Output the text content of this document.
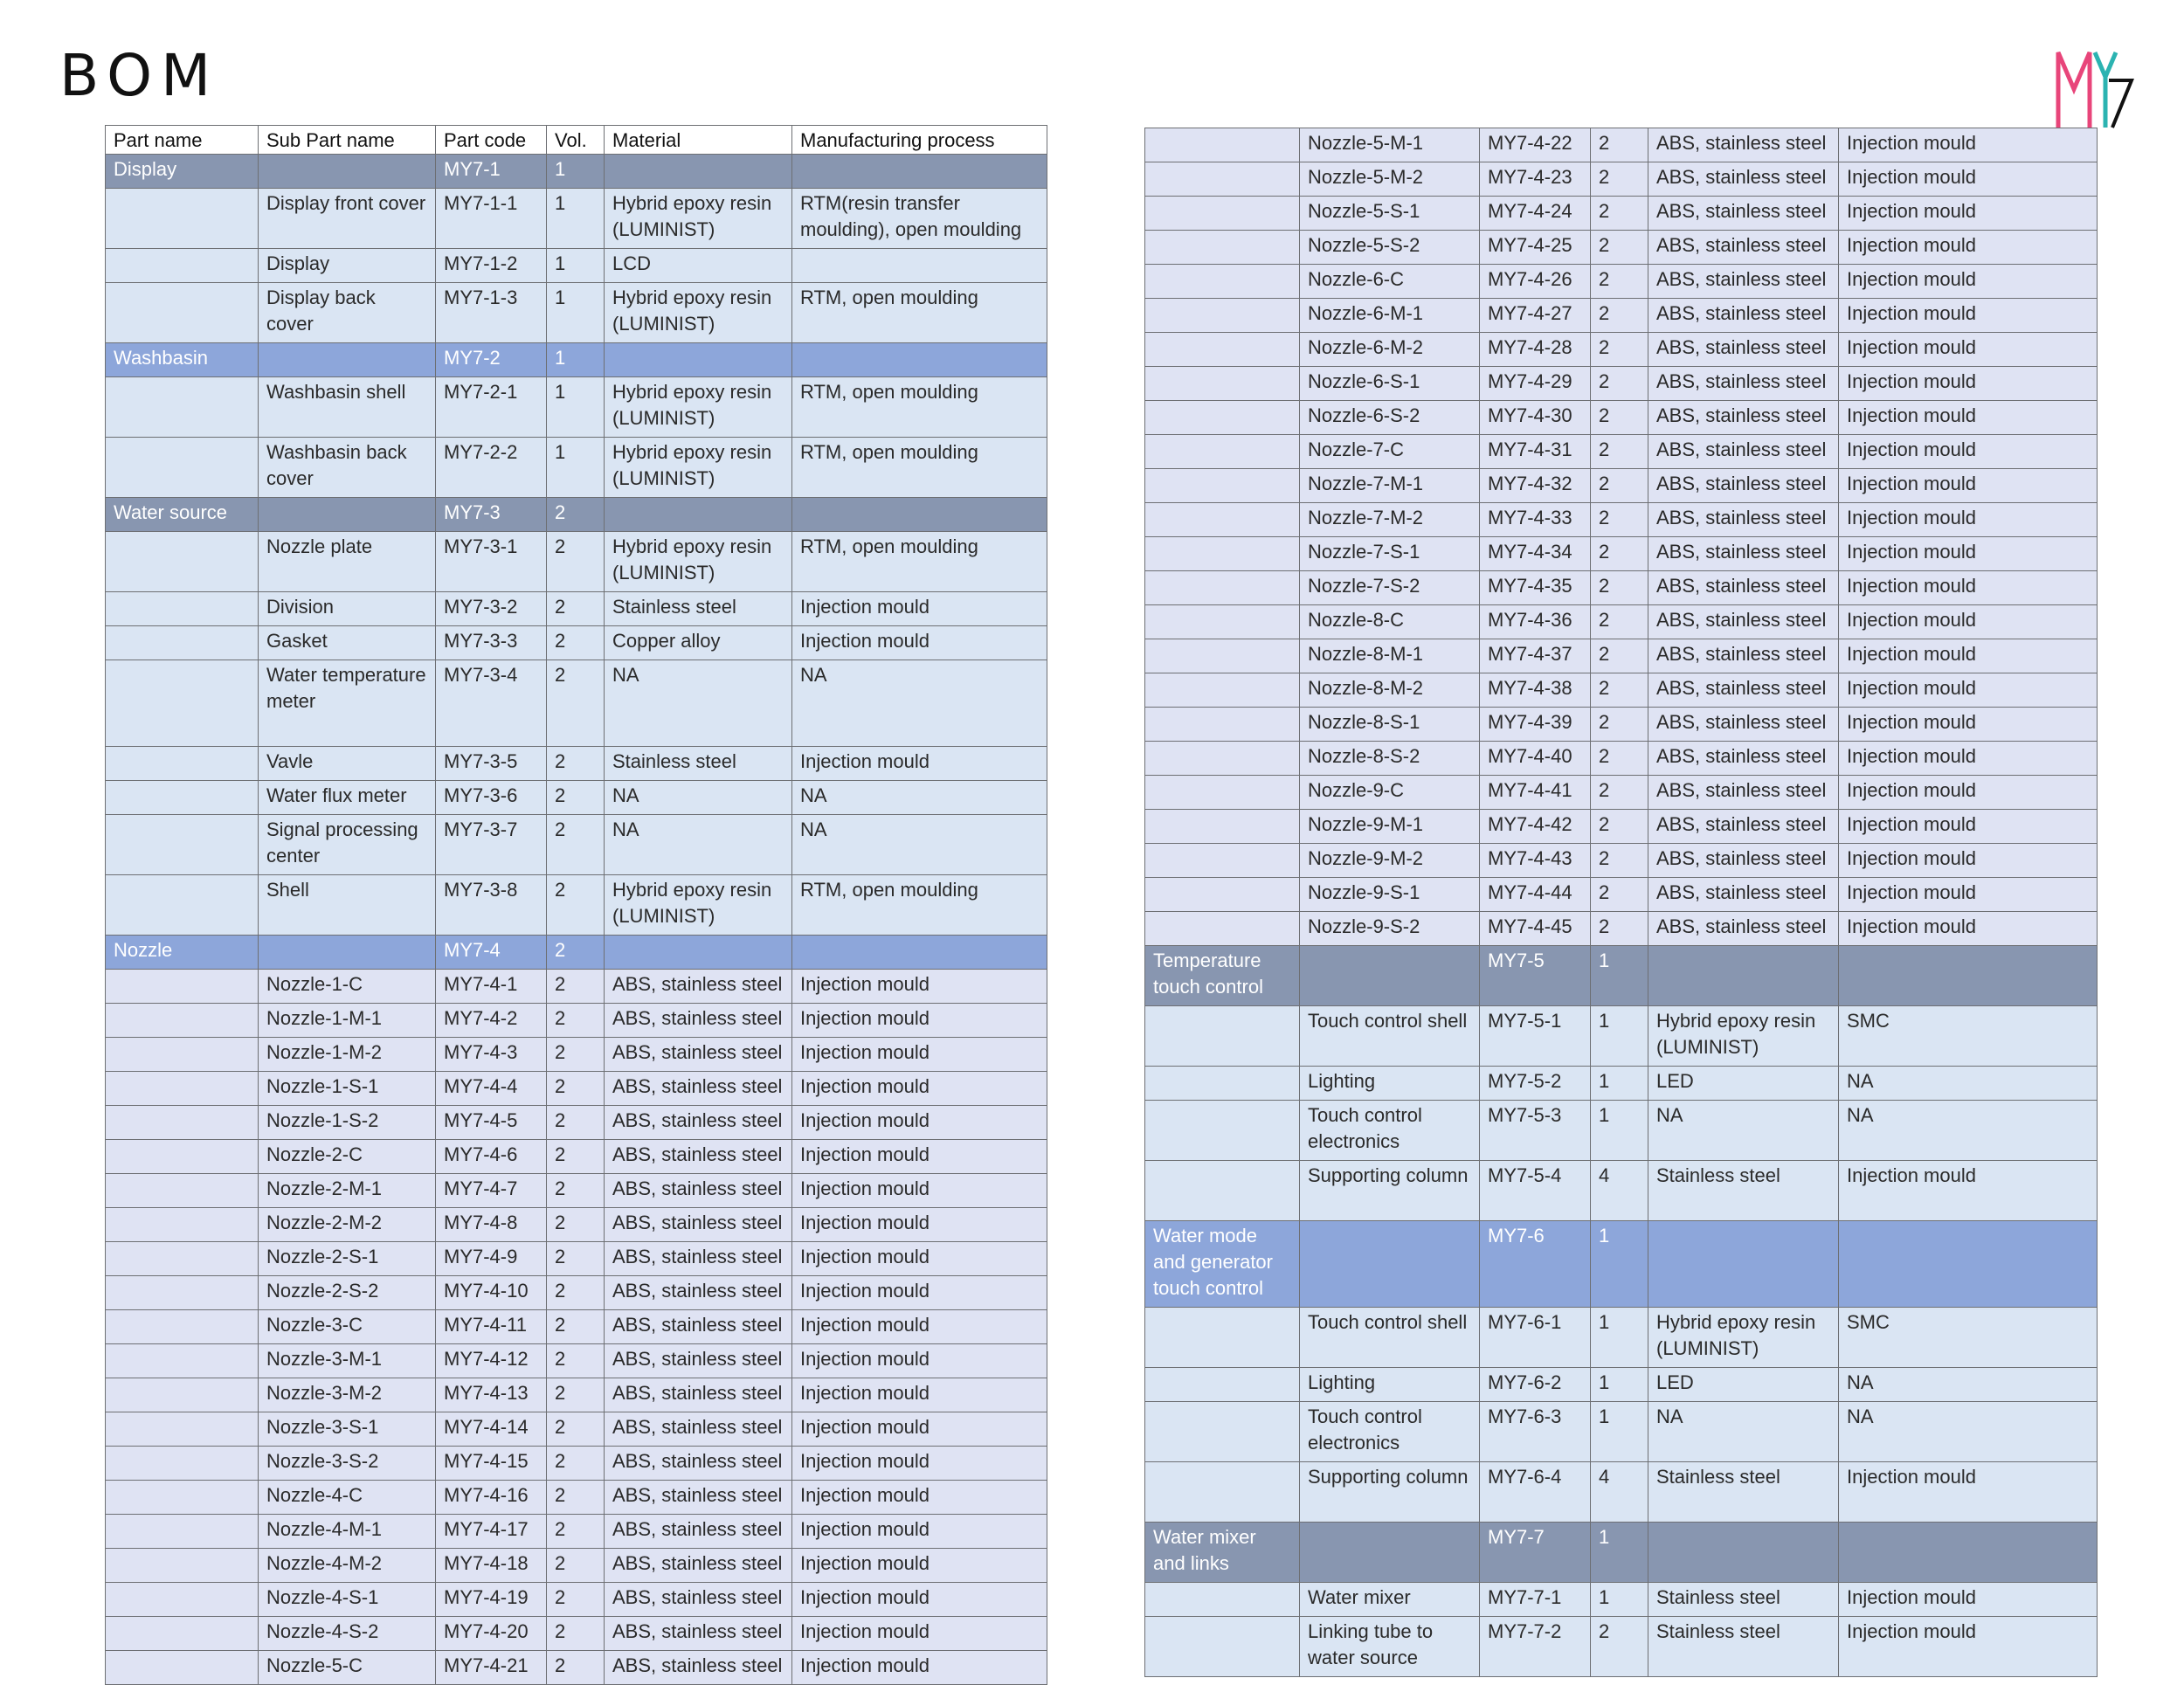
BOM
Part name	Sub Part name	Part code	Vol.	Material	Manufacturing process
Display		MY7-1	1		
	Display front cover	MY7-1-1	1	Hybrid epoxy resin (LUMINIST)	RTM(resin transfer moulding), open moulding
	Display	MY7-1-2	1	LCD	
	Display back cover	MY7-1-3	1	Hybrid epoxy resin (LUMINIST)	RTM, open moulding
Washbasin		MY7-2	1		
	Washbasin shell	MY7-2-1	1	Hybrid epoxy resin (LUMINIST)	RTM, open moulding
	Washbasin back cover	MY7-2-2	1	Hybrid epoxy resin (LUMINIST)	RTM, open moulding
Water source		MY7-3	2		
	Nozzle plate	MY7-3-1	2	Hybrid epoxy resin (LUMINIST)	RTM, open moulding
	Division	MY7-3-2	2	Stainless steel	Injection mould
	Gasket	MY7-3-3	2	Copper alloy	Injection mould
	Water temperature meter	MY7-3-4	2	NA	NA
	Vavle	MY7-3-5	2	Stainless steel	Injection mould
	Water flux meter	MY7-3-6	2	NA	NA
	Signal processing center	MY7-3-7	2	NA	NA
	Shell	MY7-3-8	2	Hybrid epoxy resin (LUMINIST)	RTM, open moulding
Nozzle		MY7-4	2		
	Nozzle-1-C	MY7-4-1	2	ABS, stainless steel	Injection mould
	Nozzle-1-M-1	MY7-4-2	2	ABS, stainless steel	Injection mould
	Nozzle-1-M-2	MY7-4-3	2	ABS, stainless steel	Injection mould
	Nozzle-1-S-1	MY7-4-4	2	ABS, stainless steel	Injection mould
	Nozzle-1-S-2	MY7-4-5	2	ABS, stainless steel	Injection mould
	Nozzle-2-C	MY7-4-6	2	ABS, stainless steel	Injection mould
	Nozzle-2-M-1	MY7-4-7	2	ABS, stainless steel	Injection mould
	Nozzle-2-M-2	MY7-4-8	2	ABS, stainless steel	Injection mould
	Nozzle-2-S-1	MY7-4-9	2	ABS, stainless steel	Injection mould
	Nozzle-2-S-2	MY7-4-10	2	ABS, stainless steel	Injection mould
	Nozzle-3-C	MY7-4-11	2	ABS, stainless steel	Injection mould
	Nozzle-3-M-1	MY7-4-12	2	ABS, stainless steel	Injection mould
	Nozzle-3-M-2	MY7-4-13	2	ABS, stainless steel	Injection mould
	Nozzle-3-S-1	MY7-4-14	2	ABS, stainless steel	Injection mould
	Nozzle-3-S-2	MY7-4-15	2	ABS, stainless steel	Injection mould
	Nozzle-4-C	MY7-4-16	2	ABS, stainless steel	Injection mould
	Nozzle-4-M-1	MY7-4-17	2	ABS, stainless steel	Injection mould
	Nozzle-4-M-2	MY7-4-18	2	ABS, stainless steel	Injection mould
	Nozzle-4-S-1	MY7-4-19	2	ABS, stainless steel	Injection mould
	Nozzle-4-S-2	MY7-4-20	2	ABS, stainless steel	Injection mould
	Nozzle-5-C	MY7-4-21	2	ABS, stainless steel	Injection mould
	Nozzle-5-M-1	MY7-4-22	2	ABS, stainless steel	Injection mould
	Nozzle-5-M-2	MY7-4-23	2	ABS, stainless steel	Injection mould
	Nozzle-5-S-1	MY7-4-24	2	ABS, stainless steel	Injection mould
	Nozzle-5-S-2	MY7-4-25	2	ABS, stainless steel	Injection mould
	Nozzle-6-C	MY7-4-26	2	ABS, stainless steel	Injection mould
	Nozzle-6-M-1	MY7-4-27	2	ABS, stainless steel	Injection mould
	Nozzle-6-M-2	MY7-4-28	2	ABS, stainless steel	Injection mould
	Nozzle-6-S-1	MY7-4-29	2	ABS, stainless steel	Injection mould
	Nozzle-6-S-2	MY7-4-30	2	ABS, stainless steel	Injection mould
	Nozzle-7-C	MY7-4-31	2	ABS, stainless steel	Injection mould
	Nozzle-7-M-1	MY7-4-32	2	ABS, stainless steel	Injection mould
	Nozzle-7-M-2	MY7-4-33	2	ABS, stainless steel	Injection mould
	Nozzle-7-S-1	MY7-4-34	2	ABS, stainless steel	Injection mould
	Nozzle-7-S-2	MY7-4-35	2	ABS, stainless steel	Injection mould
	Nozzle-8-C	MY7-4-36	2	ABS, stainless steel	Injection mould
	Nozzle-8-M-1	MY7-4-37	2	ABS, stainless steel	Injection mould
	Nozzle-8-M-2	MY7-4-38	2	ABS, stainless steel	Injection mould
	Nozzle-8-S-1	MY7-4-39	2	ABS, stainless steel	Injection mould
	Nozzle-8-S-2	MY7-4-40	2	ABS, stainless steel	Injection mould
	Nozzle-9-C	MY7-4-41	2	ABS, stainless steel	Injection mould
	Nozzle-9-M-1	MY7-4-42	2	ABS, stainless steel	Injection mould
	Nozzle-9-M-2	MY7-4-43	2	ABS, stainless steel	Injection mould
	Nozzle-9-S-1	MY7-4-44	2	ABS, stainless steel	Injection mould
	Nozzle-9-S-2	MY7-4-45	2	ABS, stainless steel	Injection mould
Temperature touch control		MY7-5	1		
	Touch control shell	MY7-5-1	1	Hybrid epoxy resin (LUMINIST)	SMC
	Lighting	MY7-5-2	1	LED	NA
	Touch control electronics	MY7-5-3	1	NA	NA
	Supporting column	MY7-5-4	4	Stainless steel	Injection mould
Water mode and generator touch control		MY7-6	1		
	Touch control shell	MY7-6-1	1	Hybrid epoxy resin (LUMINIST)	SMC
	Lighting	MY7-6-2	1	LED	NA
	Touch control electronics	MY7-6-3	1	NA	NA
	Supporting column	MY7-6-4	4	Stainless steel	Injection mould
Water mixer and links		MY7-7	1		
	Water mixer	MY7-7-1	1	Stainless steel	Injection mould
	Linking tube to water source	MY7-7-2	2	Stainless steel	Injection mould
